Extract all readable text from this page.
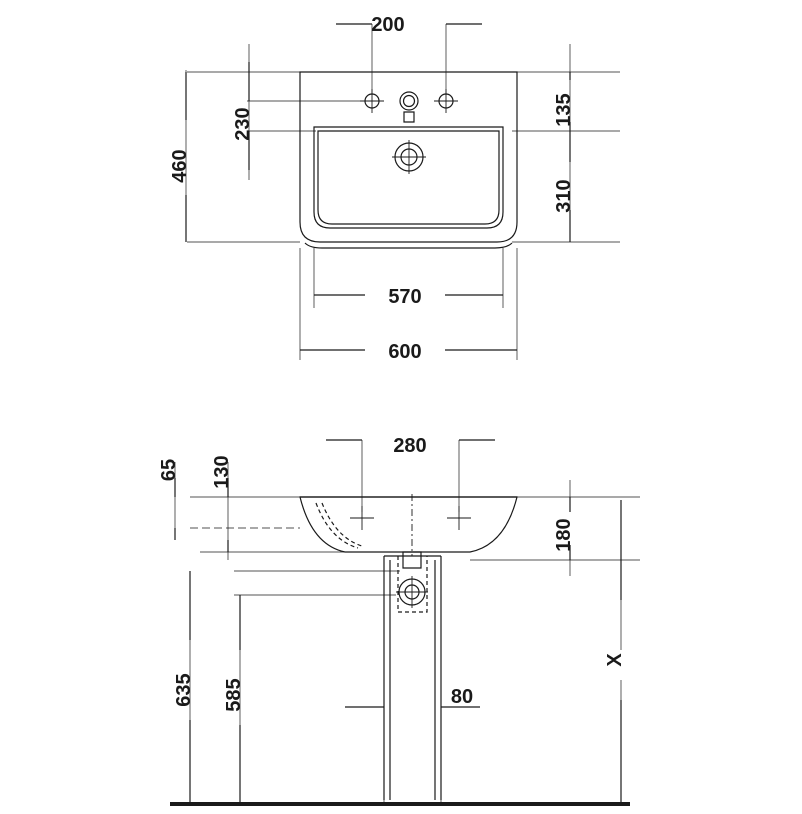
200
230
460
135
310
570
600
280
65 130
180
635 585	80
X
